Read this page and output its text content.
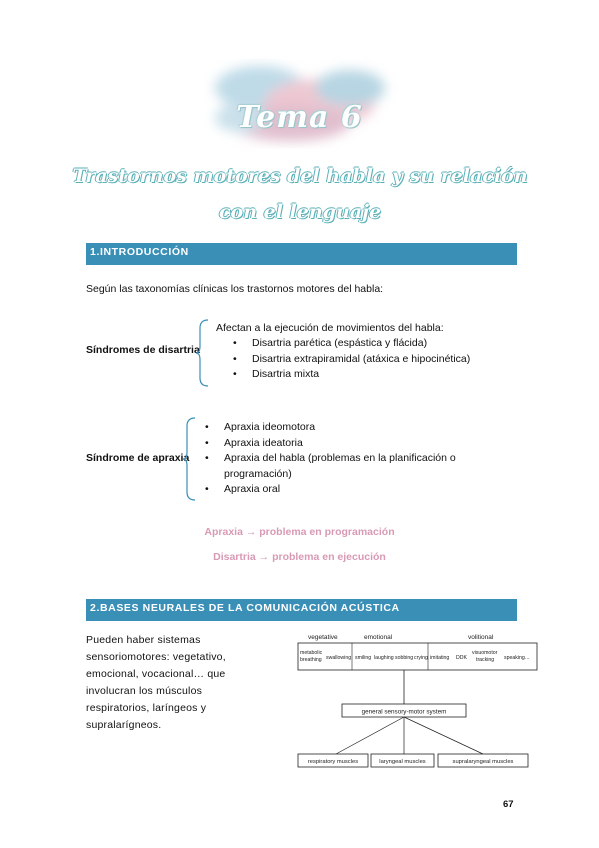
Tema 6
Trastornos motores del habla y su relación
con el lenguaje
1.INTRODUCCIÓN
Según las taxonomías clínicas los trastornos motores del habla:
Síndromes de disartria
Afectan a la ejecución de movimientos del habla:
• Disartria parética (espástica y flácida)
• Disartria extrapiramidal (atáxica e hipocinética)
• Disartria mixta
Síndrome de apraxia
• Apraxia ideomotora
• Apraxia ideatoria
• Apraxia del habla (problemas en la planificación o programación)
• Apraxia oral
Apraxia → problema en programación
Disartria → problema en ejecución
2.BASES NEURALES DE LA COMUNICACIÓN ACÚSTICA
Pueden haber sistemas sensoriomotores: vegetativo, emocional, vocacional… que involucran los músculos respiratorios, laríngeos y supralarígneos.
vegetative	emotional	volitional
metabolic
breathing swallowing smiling laughing sobbing crying imitating DDK
visuomotor
tracking speaking ...
general sensory-motor system
respiratory muscles	laryngeal muscles	supralaryngeal muscles
67
